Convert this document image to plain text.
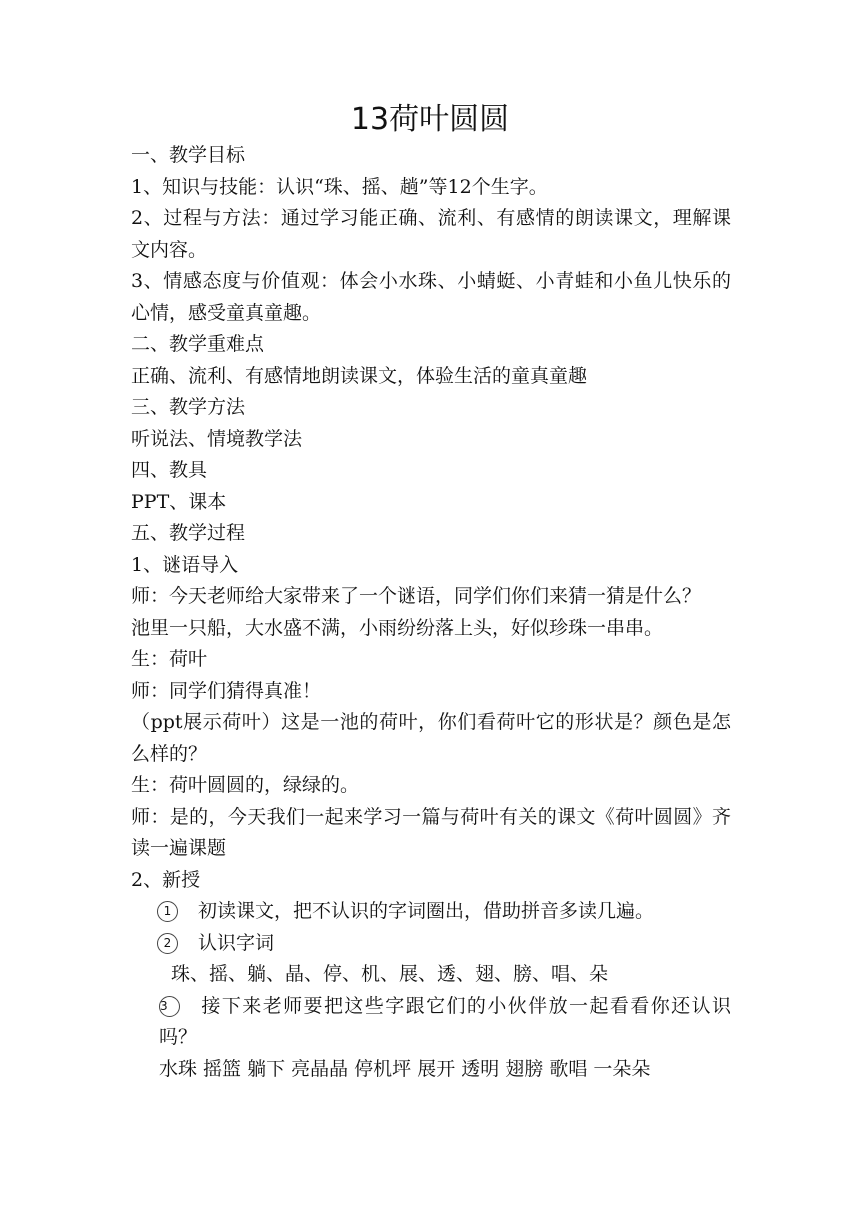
13荷叶圆圆
一、教学目标
1、知识与技能：认识“珠、摇、趟”等12个生字。
2、过程与方法：通过学习能正确、流利、有感情的朗读课文，理解课文内容。
3、情感态度与价值观：体会小水珠、小蜻蜓、小青蛙和小鱼儿快乐的心情，感受童真童趣。
二、教学重难点
正确、流利、有感情地朗读课文，体验生活的童真童趣
三、教学方法
听说法、情境教学法
四、教具
PPT、课本
五、教学过程
1、谜语导入
师：今天老师给大家带来了一个谜语，同学们你们来猜一猜是什么？
池里一只船，大水盛不满，小雨纷纷落上头，好似珍珠一串串。
生：荷叶
师：同学们猜得真准！
（ppt展示荷叶）这是一池的荷叶，你们看荷叶它的形状是？颜色是怎么样的？
生：荷叶圆圆的，绿绿的。
师：是的，今天我们一起来学习一篇与荷叶有关的课文《荷叶圆圆》齐读一遍课题
2、新授
1 初读课文，把不认识的字词圈出，借助拼音多读几遍。
2 认识字词
珠、摇、躺、晶、停、机、展、透、翅、膀、唱、朵
3 接下来老师要把这些字跟它们的小伙伴放一起看看你还认识吗？
水珠 摇篮 躺下 亮晶晶 停机坪 展开 透明 翅膀 歌唱 一朵朵
